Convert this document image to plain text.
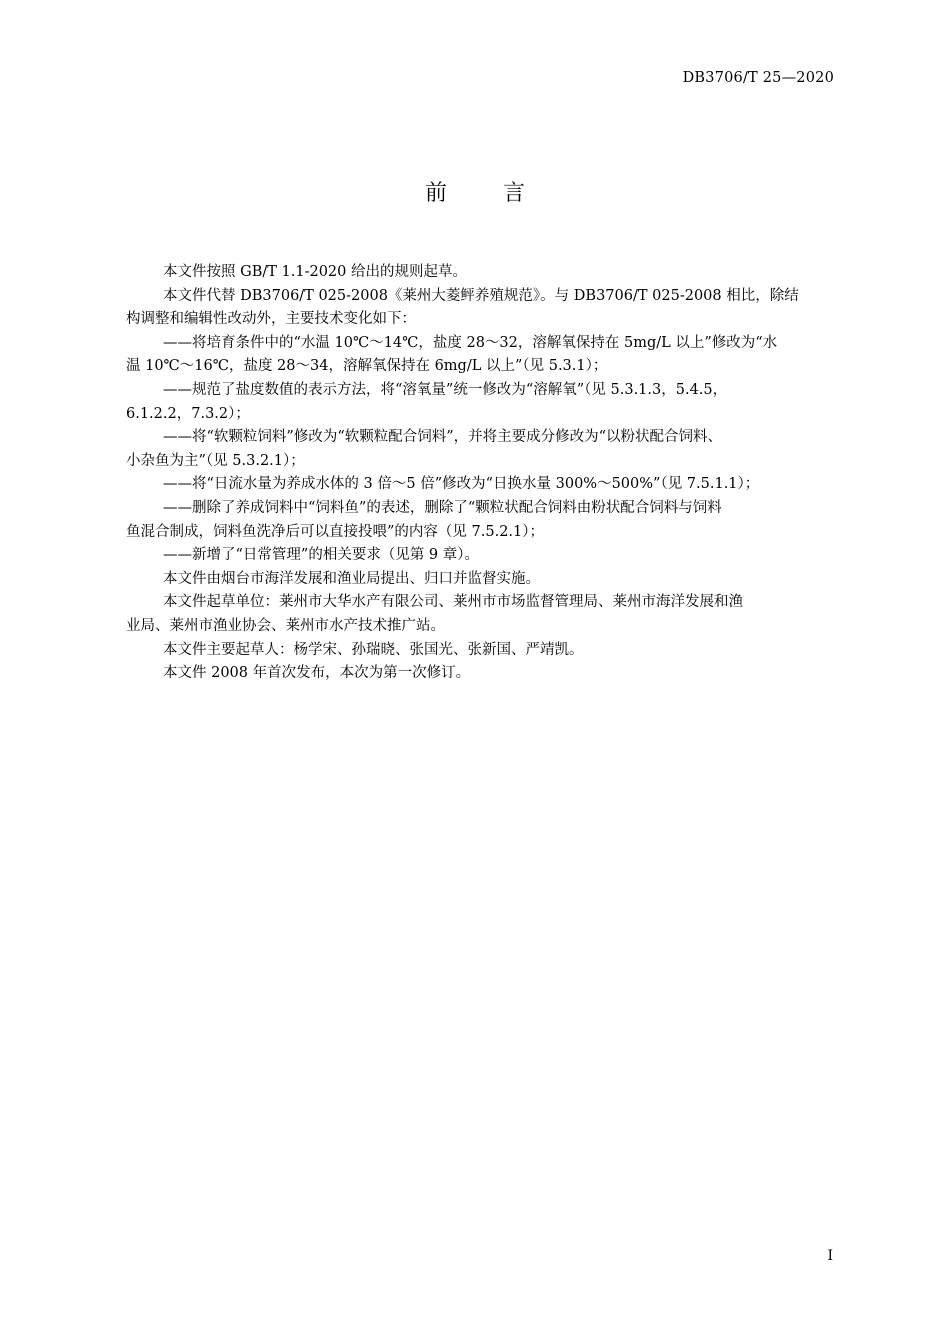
DB3706/T 25—2020
前言

本文件按照 GB/T 1.1-2020 给出的规则起草。

本文件代替 DB3706/T 025-2008《莱州大菱鲆养殖规范》。与 DB3706/T 025-2008 相比，除结
构调整和编辑性改动外，主要技术变化如下：

——将培育条件中的“水温 10℃～14℃，盐度 28～32，溶解氧保持在 5mg/L 以上”修改为“水
温 10℃～16℃，盐度 28～34，溶解氧保持在 6mg/L 以上”（见 5.3.1）；

——规范了盐度数值的表示方法，将“溶氧量”统一修改为“溶解氧”（见 5.3.1.3，5.4.5，
6.1.2.2，7.3.2）；

——将“软颗粒饲料”修改为“软颗粒配合饲料”，并将主要成分修改为“以粉状配合饲料、
小杂鱼为主”（见 5.3.2.1）；

——将“日流水量为养成水体的 3 倍～5 倍”修改为“日换水量 300%～500%”（见 7.5.1.1）；

——删除了养成饲料中“饲料鱼”的表述，删除了“颗粒状配合饲料由粉状配合饲料与饲料
鱼混合制成，饲料鱼洗净后可以直接投喂”的内容（见 7.5.2.1）；

——新增了“日常管理”的相关要求（见第 9 章）。

本文件由烟台市海洋发展和渔业局提出、归口并监督实施。

本文件起草单位：莱州市大华水产有限公司、莱州市市场监督管理局、莱州市海洋发展和渔
业局、莱州市渔业协会、莱州市水产技术推广站。

本文件主要起草人：杨学宋、孙瑞晓、张国光、张新国、严靖凯。

本文件 2008 年首次发布，本次为第一次修订。

I
